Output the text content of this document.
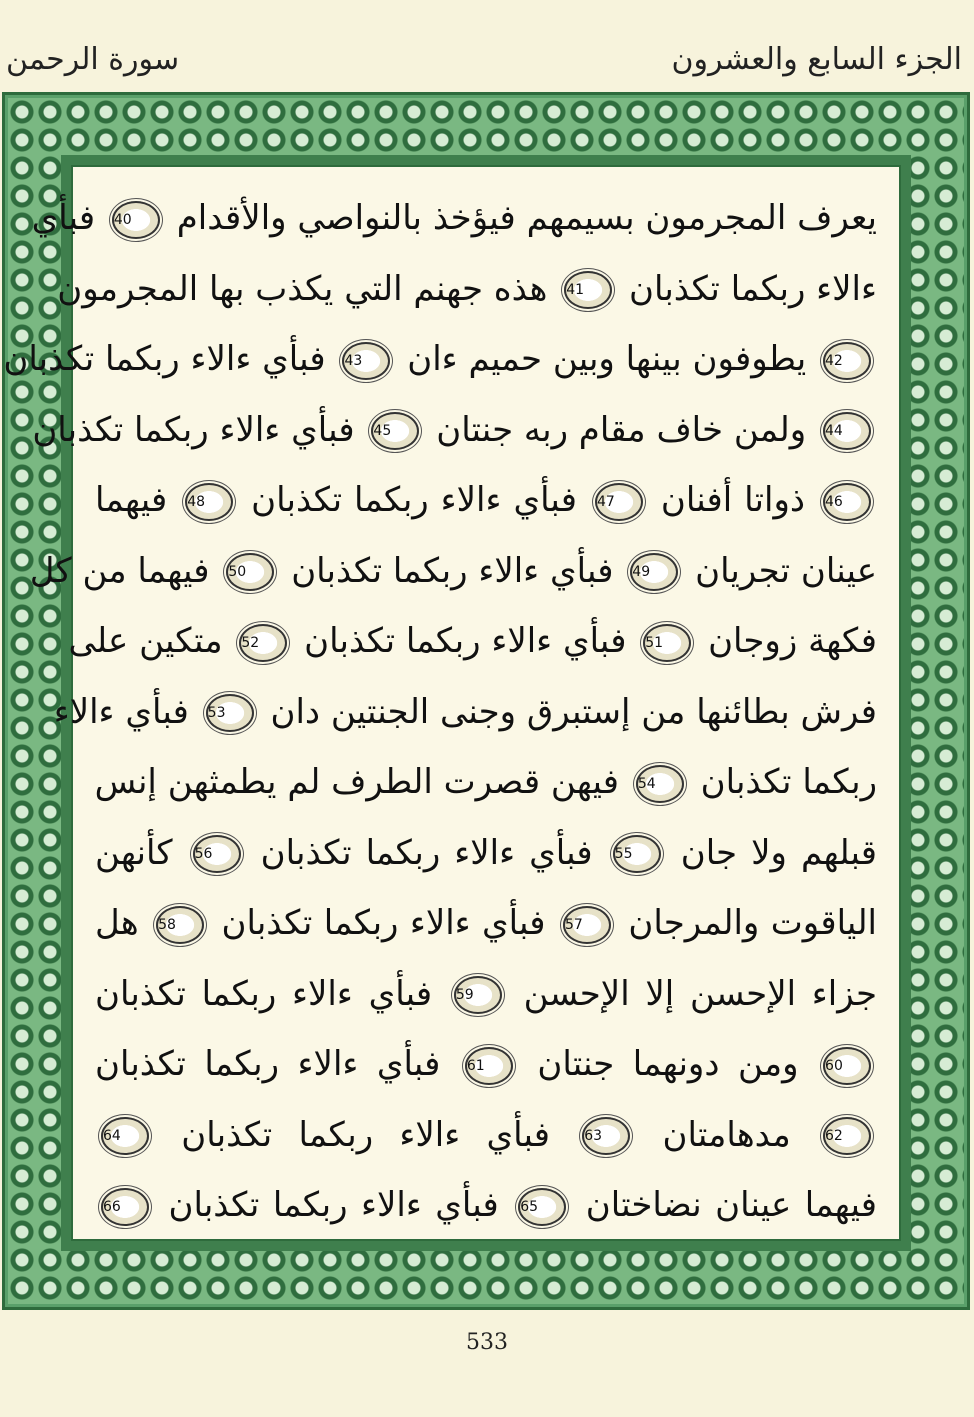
سورة الرحمن	الجزء السابع والعشرون
يعرف المجرمون بسيمهم فيؤخذ بالنواصي والأقدام 40 فبأي
ءالاء ربكما تكذبان 41 هذه جهنم التي يكذب بها المجرمون
42 يطوفون بينها وبين حميم ءان 43 فبأي ءالاء ربكما تكذبان
44 ولمن خاف مقام ربه جنتان 45 فبأي ءالاء ربكما تكذبان
46 ذواتا أفنان 47 فبأي ءالاء ربكما تكذبان 48 فيهما
عينان تجريان 49 فبأي ءالاء ربكما تكذبان 50 فيهما من كل
فكهة زوجان 51 فبأي ءالاء ربكما تكذبان 52 متكين على
فرش بطائنها من إستبرق وجنى الجنتين دان 53 فبأي ءالاء
ربكما تكذبان 54 فيهن قصرت الطرف لم يطمثهن إنس
قبلهم ولا جان 55 فبأي ءالاء ربكما تكذبان 56 كأنهن
الياقوت والمرجان 57 فبأي ءالاء ربكما تكذبان 58 هل
جزاء الإحسن إلا الإحسن 59 فبأي ءالاء ربكما تكذبان
60 ومن دونهما جنتان 61 فبأي ءالاء ربكما تكذبان
62 مدهامتان 63 فبأي ءالاء ربكما تكذبان 64
فيهما عينان نضاختان 65 فبأي ءالاء ربكما تكذبان 66
533
